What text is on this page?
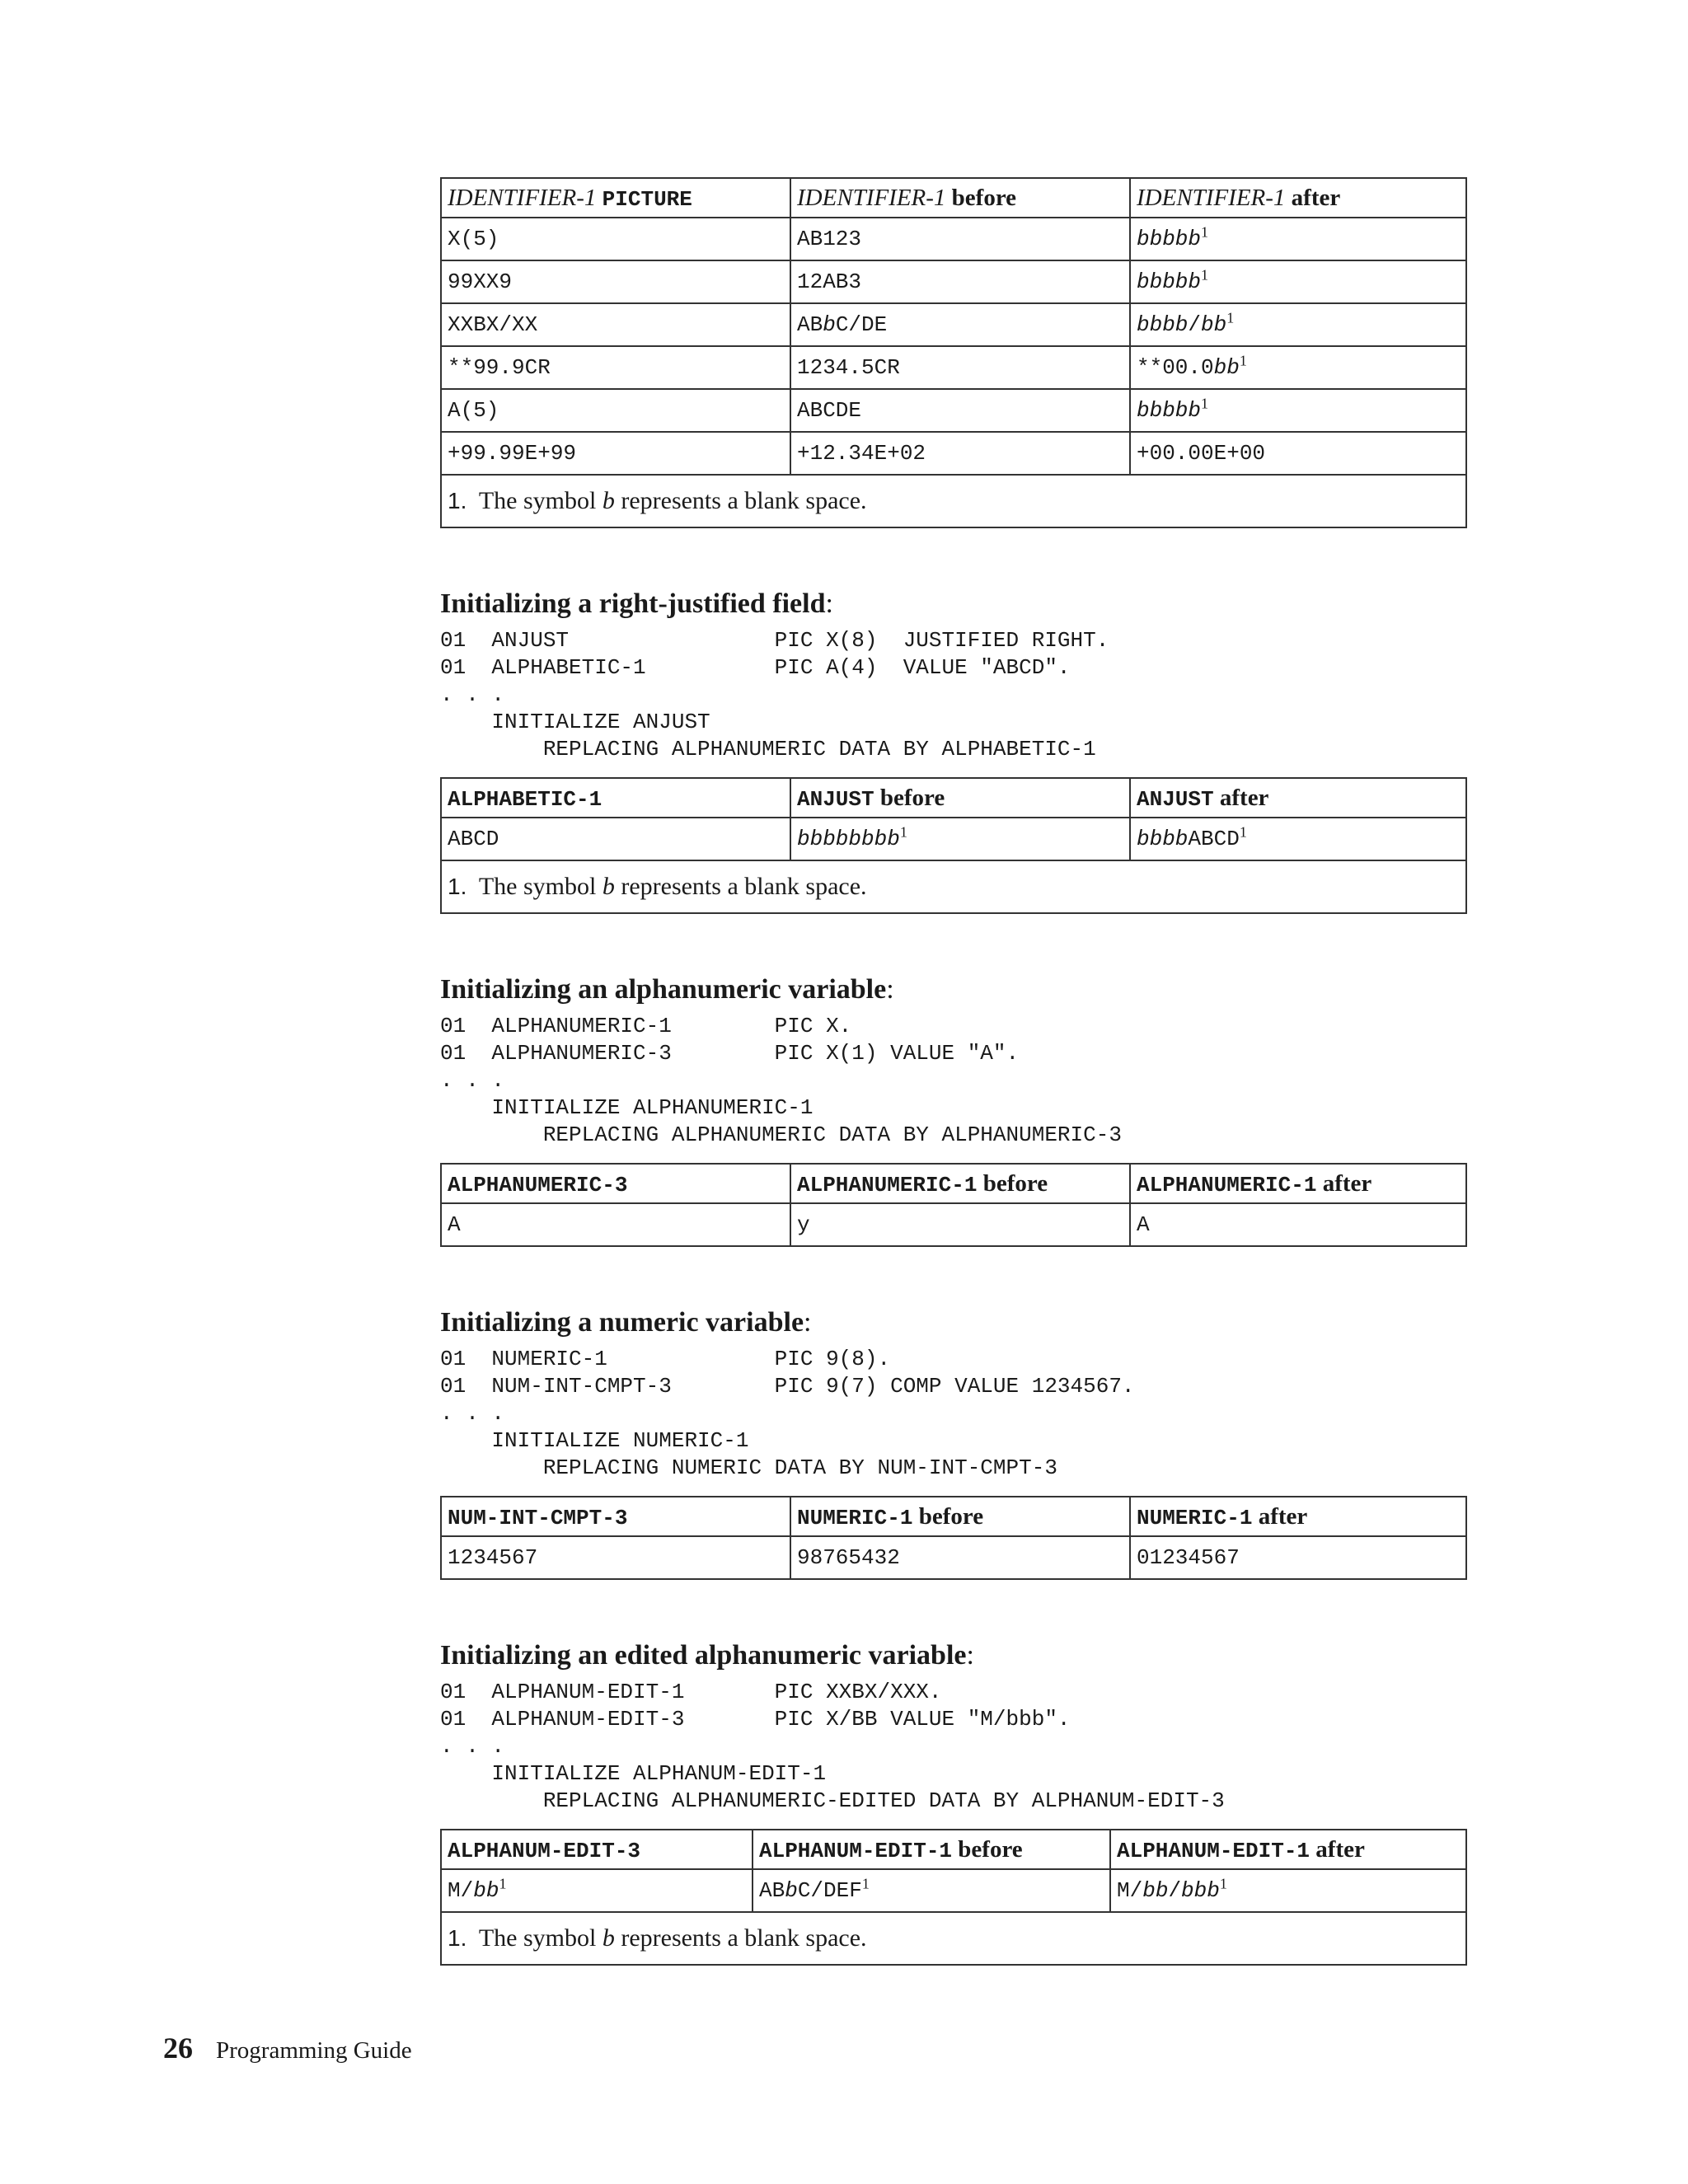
IDENTIFIER-1 PICTURE	IDENTIFIER-1 before	IDENTIFIER-1 after
X(5)	AB123	bbbbb$^1$
99XX9	12AB3	bbbbb$^1$
XXBX/XX	ABbC/DE	bbbb/$bb^1$
**99.9CR	1234.5CR	$**00.0bb^1$
A(5)	ABCDE	bbbbb$^1$
+99.99E+99	+12.34E+02	+00.00E+00
1. The symbol b represents a blank space.		
Initializing a right-justified field:
01  ANJUST                PIC X(8)  JUSTIFIED RIGHT.
01  ALPHABETIC-1          PIC A(4)  VALUE "ABCD".
. . .
INITIALIZE ANJUST
REPLACING ALPHANUMERIC DATA BY ALPHABETIC-1
ALPHABETIC-1	ANJUST before	ANJUST after
ABCD	bbbbbbbb$^1$	bbbbABCD$^1$
1. The symbol b represents a blank space.		
Initializing an alphanumeric variable:
01  ALPHANUMERIC-1        PIC X.
01  ALPHANUMERIC-3        PIC X(1) VALUE "A".
. . .
INITIALIZE ALPHANUMERIC-1
REPLACING ALPHANUMERIC DATA BY ALPHANUMERIC-3
ALPHANUMERIC-3	ALPHANUMERIC-1 before	ALPHANUMERIC-1 after
A	y	A
Initializing a numeric variable:
01  NUMERIC-1             PIC 9(8).
01  NUM-INT-CMPT-3        PIC 9(7) COMP VALUE 1234567.
. . .
INITIALIZE NUMERIC-1
REPLACING NUMERIC DATA BY NUM-INT-CMPT-3
NUM-INT-CMPT-3	NUMERIC-1 before	NUMERIC-1 after
1234567	98765432	01234567
Initializing an edited alphanumeric variable:
01  ALPHANUM-EDIT-1       PIC XXBX/XXX.
01  ALPHANUM-EDIT-3       PIC X/BB VALUE "M/bbb".
. . .
INITIALIZE ALPHANUM-EDIT-1
REPLACING ALPHANUMERIC-EDITED DATA BY ALPHANUM-EDIT-3
ALPHANUM-EDIT-3	ALPHANUM-EDIT-1 before	ALPHANUM-EDIT-1 after
$M/bb^1$	ABbC/DEF$^1$	M/bb/bbb$^1$
1. The symbol b represents a blank space.		
26 Programming Guide
